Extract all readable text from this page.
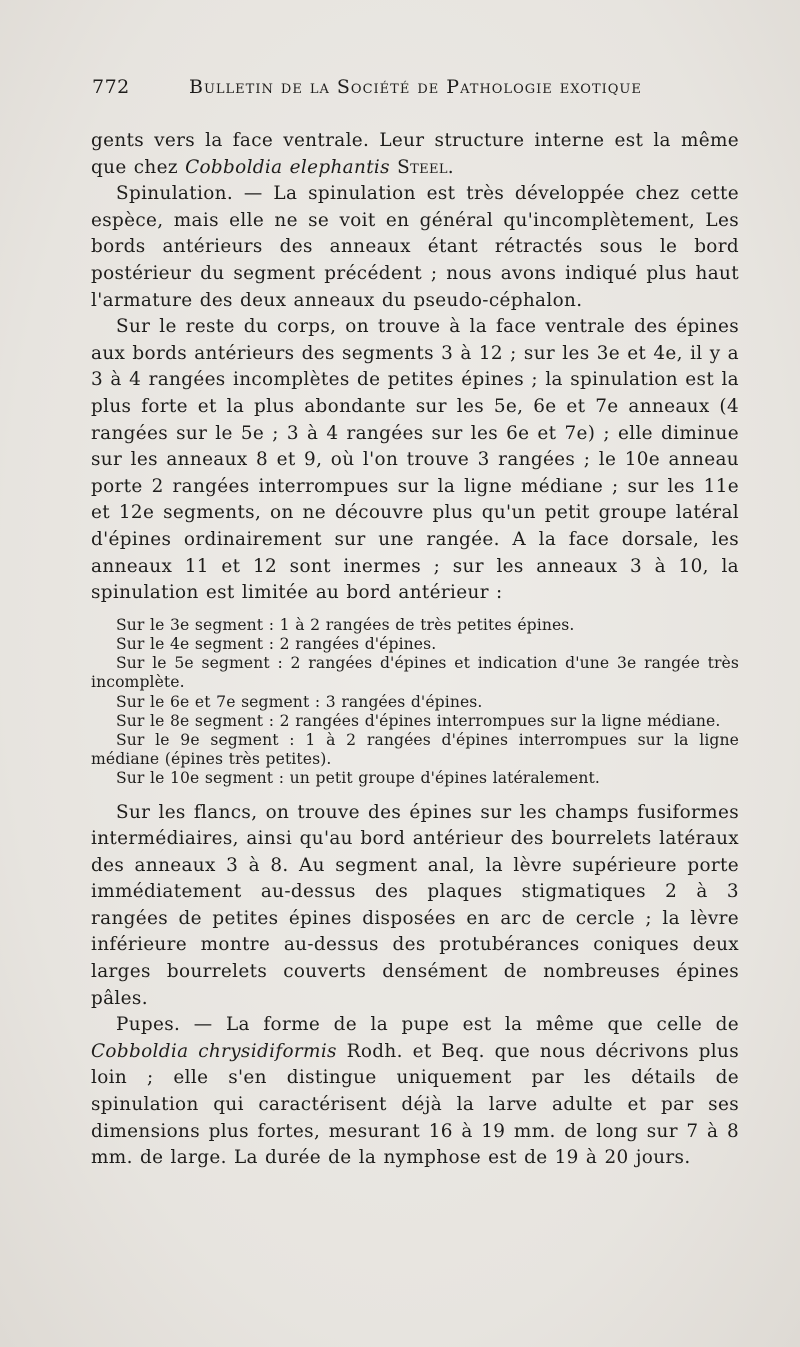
772	Bulletin de la Société de Pathologie exotique

gents vers la face ventrale. Leur structure interne est la même que chez Cobboldia elephantis Steel.

Spinulation. — La spinulation est très développée chez cette espèce, mais elle ne se voit en général qu'incomplètement, Les bords antérieurs des anneaux étant rétractés sous le bord postérieur du segment précédent ; nous avons indiqué plus haut l'armature des deux anneaux du pseudo-céphalon.

Sur le reste du corps, on trouve à la face ventrale des épines aux bords antérieurs des segments 3 à 12 ; sur les 3e et 4e, il y a 3 à 4 rangées incomplètes de petites épines ; la spinulation est la plus forte et la plus abondante sur les 5e, 6e et 7e anneaux (4 rangées sur le 5e ; 3 à 4 rangées sur les 6e et 7e) ; elle diminue sur les anneaux 8 et 9, où l'on trouve 3 rangées ; le 10e anneau porte 2 rangées interrompues sur la ligne médiane ; sur les 11e et 12e segments, on ne découvre plus qu'un petit groupe latéral d'épines ordinairement sur une rangée. A la face dorsale, les anneaux 11 et 12 sont inermes ; sur les anneaux 3 à 10, la spinulation est limitée au bord antérieur :

Sur le 3e segment : 1 à 2 rangées de très petites épines.

Sur le 4e segment : 2 rangées d'épines.

Sur le 5e segment : 2 rangées d'épines et indication d'une 3e rangée très incomplète.

Sur le 6e et 7e segment : 3 rangées d'épines.

Sur le 8e segment : 2 rangées d'épines interrompues sur la ligne médiane.

Sur le 9e segment : 1 à 2 rangées d'épines interrompues sur la ligne médiane (épines très petites).

Sur le 10e segment : un petit groupe d'épines latéralement.

Sur les flancs, on trouve des épines sur les champs fusiformes intermédiaires, ainsi qu'au bord antérieur des bourrelets latéraux des anneaux 3 à 8. Au segment anal, la lèvre supérieure porte immédiatement au-dessus des plaques stigmatiques 2 à 3 rangées de petites épines disposées en arc de cercle ; la lèvre inférieure montre au-dessus des protubérances coniques deux larges bourrelets couverts densément de nombreuses épines pâles.

Pupes. — La forme de la pupe est la même que celle de Cobboldia chrysidiformis Rodh. et Beq. que nous décrivons plus loin ; elle s'en distingue uniquement par les détails de spinulation qui caractérisent déjà la larve adulte et par ses dimensions plus fortes, mesurant 16 à 19 mm. de long sur 7 à 8 mm. de large. La durée de la nymphose est de 19 à 20 jours.
